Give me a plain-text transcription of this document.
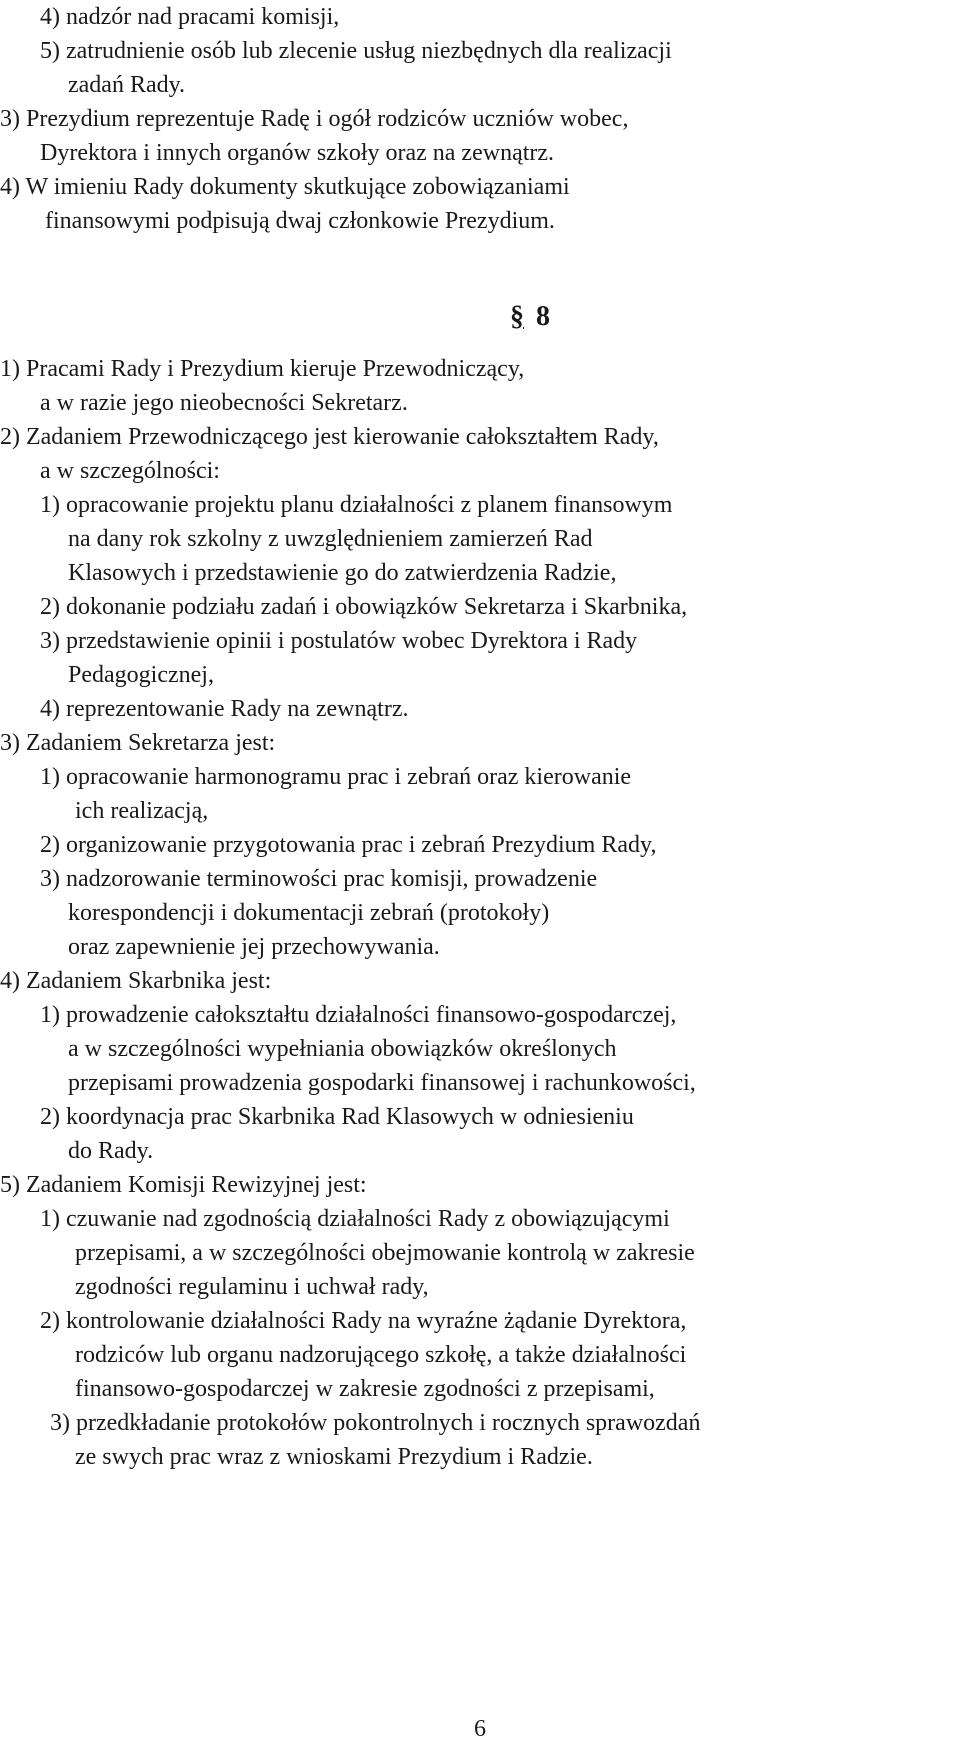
4) nadzór nad pracami komisji,
5) zatrudnienie osób lub zlecenie usług niezbędnych dla realizacji
zadań Rady.
3) Prezydium reprezentuje Radę i ogół rodziców uczniów wobec,
Dyrektora i innych organów szkoły oraz na zewnątrz.
4) W imieniu Rady dokumenty skutkujące zobowiązaniami
finansowymi podpisują dwaj członkowie Prezydium.
§ 8
1) Pracami Rady i Prezydium kieruje Przewodniczący,
a w razie jego nieobecności Sekretarz.
2) Zadaniem Przewodniczącego jest kierowanie całokształtem Rady,
a w szczególności:
1) opracowanie projektu planu działalności z planem finansowym
na dany rok szkolny z uwzględnieniem zamierzeń Rad
Klasowych i przedstawienie go do zatwierdzenia Radzie,
2) dokonanie podziału zadań i obowiązków Sekretarza i Skarbnika,
3) przedstawienie opinii i postulatów wobec Dyrektora i Rady
Pedagogicznej,
4) reprezentowanie Rady na zewnątrz.
3) Zadaniem Sekretarza jest:
1) opracowanie harmonogramu prac i zebrań oraz kierowanie
ich realizacją,
2) organizowanie przygotowania prac i zebrań Prezydium Rady,
3) nadzorowanie terminowości prac komisji, prowadzenie
korespondencji i dokumentacji zebrań (protokoły)
oraz zapewnienie jej przechowywania.
4) Zadaniem Skarbnika jest:
1) prowadzenie całokształtu działalności finansowo-gospodarczej,
a w szczególności wypełniania obowiązków określonych
przepisami prowadzenia gospodarki finansowej i rachunkowości,
2) koordynacja prac Skarbnika Rad Klasowych w odniesieniu
do Rady.
5) Zadaniem Komisji Rewizyjnej jest:
1) czuwanie nad zgodnością działalności Rady z obowiązującymi
przepisami, a w szczególności obejmowanie kontrolą w zakresie
zgodności regulaminu i uchwał rady,
2) kontrolowanie działalności Rady na wyraźne żądanie Dyrektora,
rodziców lub organu nadzorującego szkołę, a także działalności
finansowo-gospodarczej w zakresie zgodności z przepisami,
3) przedkładanie protokołów pokontrolnych i rocznych sprawozdań
ze swych prac wraz z wnioskami Prezydium i Radzie.
6
